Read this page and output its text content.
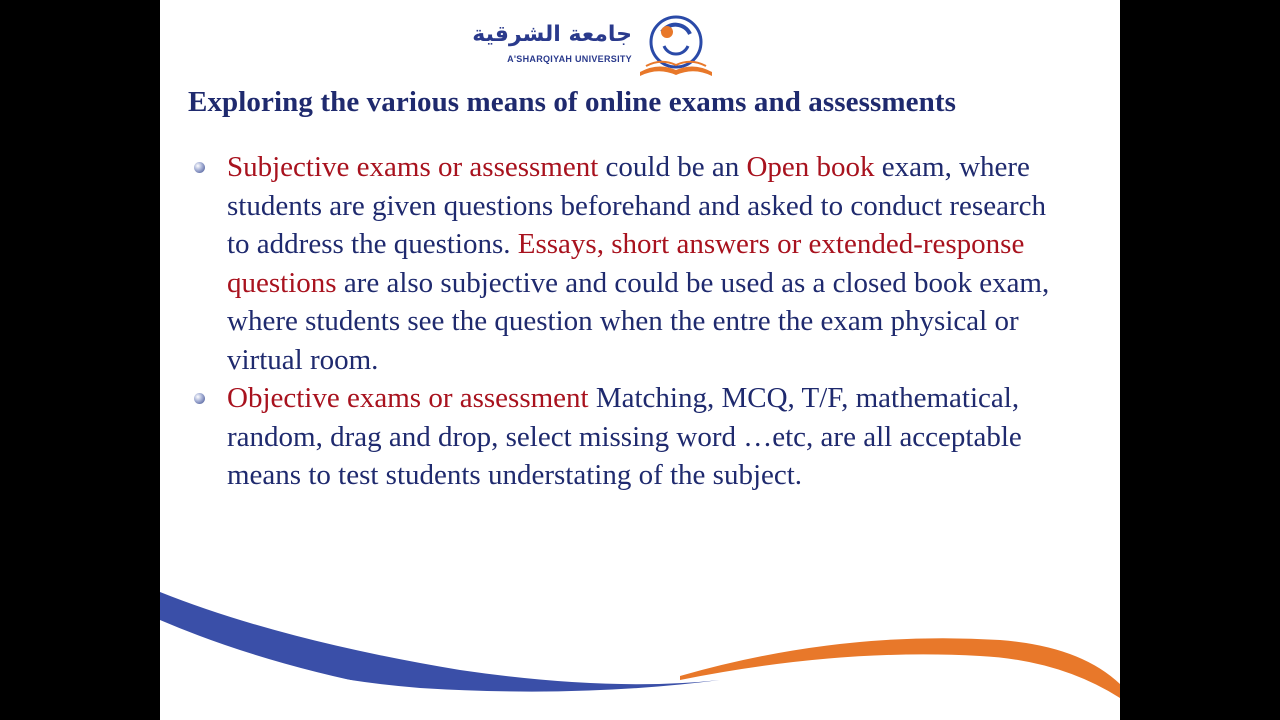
جامعة الشرقية
A'SHARQIYAH UNIVERSITY
Exploring the various means of online exams and assessments
Subjective exams or assessment could be an Open book exam, where students are given questions beforehand and asked to conduct research to address the questions. Essays, short answers or extended-response questions are also subjective and could be used as a closed book exam, where students see the question when the entre the exam physical or virtual room.
Objective exams or assessment Matching, MCQ, T/F, mathematical, random, drag and drop, select missing word …etc, are all acceptable means to test students understating of the subject.
